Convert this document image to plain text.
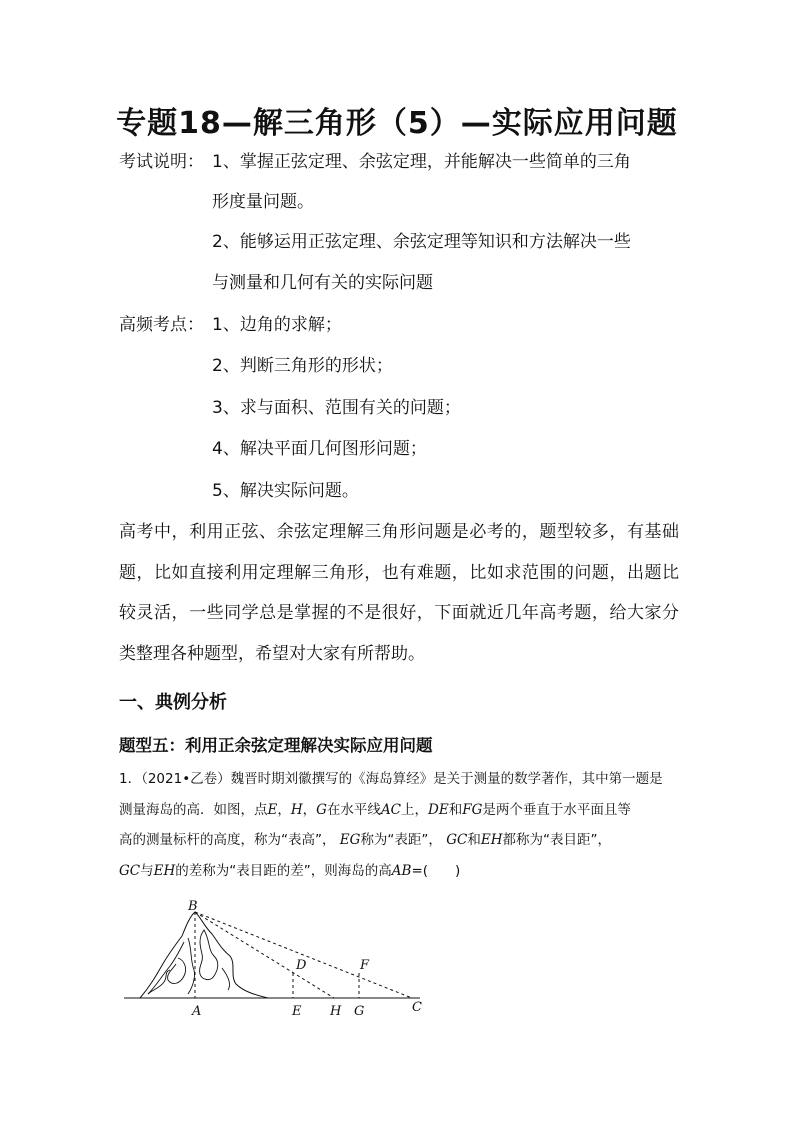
专题18—解三角形（5）—实际应用问题
考试说明： 1、掌握正弦定理、余弦定理，并能解决一些简单的三角
形度量问题。
2、能够运用正弦定理、余弦定理等知识和方法解决一些
与测量和几何有关的实际问题
高频考点： 1、边角的求解；
2、判断三角形的形状；
3、求与面积、范围有关的问题；
4、解决平面几何图形问题；
5、解决实际问题。
高考中，利用正弦、余弦定理解三角形问题是必考的，题型较多，有基础题，比如直接利用定理解三角形，也有难题，比如求范围的问题，出题比较灵活，一些同学总是掌握的不是很好，下面就近几年高考题，给大家分类整理各种题型，希望对大家有所帮助。
一、典例分析
题型五：利用正余弦定理解决实际应用问题
1．（2021•乙卷）魏晋时期刘徽撰写的《海岛算经》是关于测量的数学著作，其中第一题是
测量海岛的高．如图，点E，H，G在水平线AC上，DE和FG是两个垂直于水平面且等
高的测量标杆的高度，称为“表高”， EG称为“表距”， GC和EH都称为“表目距”，
GC与EH的差称为“表目距的差”，则海岛的高AB=(　　)
B
D	F
A	E H G	C
